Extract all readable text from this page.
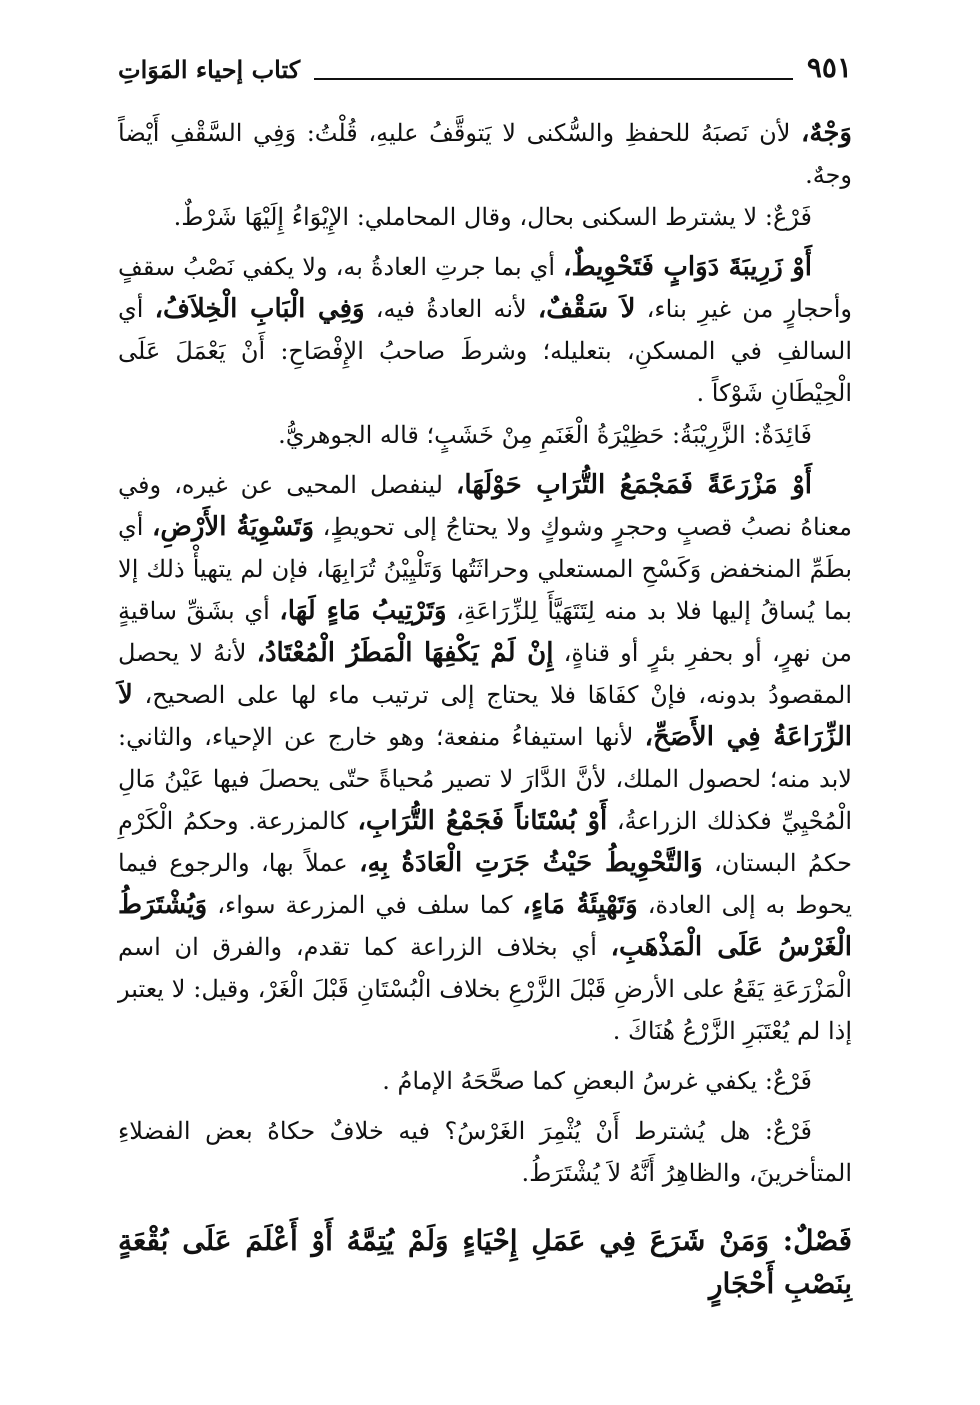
٩٥١
كتاب إحياء المَوَاتِ

وَجْهٌ، لأن نَصبَهُ للحفظِ والسُّكنى لا يَتوقَّفُ عليهِ، قُلْتُ: وَفِي السَّقْفِ أَيْضاً وجهٌ.

فَرْعٌ: لا يشترط السكنى بحال، وقال المحاملي: الإِيْوَاءُ إِلَيْهَا شَرْطٌ.

أَوْ زَرِيبَةَ دَوَابٍ فَتَحْوِيطٌ، أي بما جرتِ العادةُ به، ولا يكفي نَصْبُ سقفٍ وأحجارٍ من غيرِ بناء، لاَ سَقْفٌ، لأنه العادةُ فيه، وَفِي الْبَابِ الْخِلاَفُ، أي السالفِ في المسكنِ، بتعليله؛ وشرطَ صاحبُ الإِفْصَاحِ: أَنْ يَعْمَلَ عَلَى الْحِيْطَانِ شَوْكاً .

فَائِدَةٌ: الزَّرِيْبَةُ: حَظِيْرَةُ الْغَنَمِ مِنْ خَشَبٍ؛ قاله الجوهريُّ.

أَوْ مَزْرَعَةً فَمَجْمَعُ التُّرَابِ حَوْلَهَا، لينفصل المحيى عن غيره، وفي معناهُ نصبُ قصبٍ وحجرٍ وشوكٍ ولا يحتاجُ إلى تحويطٍ، وَتَسْوِيَةُ الأَرْضِ، أي بطَمِّ المنخفض وَكَسْحِ المستعلي وحراثَتُها وَتَلْيِيْنُ تُرَابِهَا، فإن لم يتهيأْ ذلك إلا بما يُساقُ إليها فلا بد منه لِتَتَهَيَّأَ لِلزِّرَاعَةِ، وَتَرْتِيبُ مَاءٍ لَهَا، أي بشَقِّ ساقيةٍ من نهرٍ، أو بحفرِ بئرٍ أو قناةٍ، إِنْ لَمْ يَكْفِهَا الْمَطَرُ الْمُعْتَادُ، لأنهُ لا يحصل المقصودُ بدونه، فإنْ كفَاهَا فلا يحتاج إلى ترتيب ماء لها على الصحيح، لاَ الزِّرَاعَةُ فِي الأَصَحِّ، لأنها استيفاءُ منفعة؛ وهو خارج عن الإحياء، والثاني: لابد منه؛ لحصول الملك، لأنَّ الدَّارَ لا تصير مُحياةً حتّى يحصلَ فيها عَيْنُ مَالِ الْمُحْيِيِّ فكذلك الزراعةُ، أَوْ بُسْتَاناً فَجَمْعُ التُّرَابِ، كالمزرعة. وحكمُ الْكَرْمِ حكمُ البستان، وَالتَّحْوِيطُ حَيْثُ جَرَتِ الْعَادَةُ بِهِ، عملاً بها، والرجوع فيما يحوط به إلى العادة، وَتَهْيِئَةُ مَاءٍ، كما سلف في المزرعة سواء، وَيُشْتَرَطُ الْغَرْسُ عَلَى الْمَذْهَبِ، أي بخلاف الزراعة كما تقدم، والفرق ان اسم الْمَزْرَعَةِ يَقَعُ على الأرضِ قَبْلَ الزَّرْعِ بخلاف الْبُسْتَانِ قَبْلَ الْغَرْ، وقيل: لا يعتبر إذا لم يُعْتَبَرِ الزَّرْعُ هُنَاكَ .

فَرْعٌ: يكفي غرسُ البعضِ كما صحَّحَهُ الإمامُ .

فَرْعٌ: هل يُشترط أَنْ يُثْمِرَ الغَرْسُ؟ فيه خلافٌ حكاهُ بعض الفضلاءِ المتأخرينَ، والظاهِرُ أَنَّهُ لاَ يُشْتَرَطُ.

فَصْلٌ: وَمَنْ شَرَعَ فِي عَمَلِ إِحْيَاءٍ وَلَمْ يُتِمَّهُ أَوْ أَعْلَمَ عَلَى بُقْعَةٍ بِنَصْبِ أَحْجَارٍ
